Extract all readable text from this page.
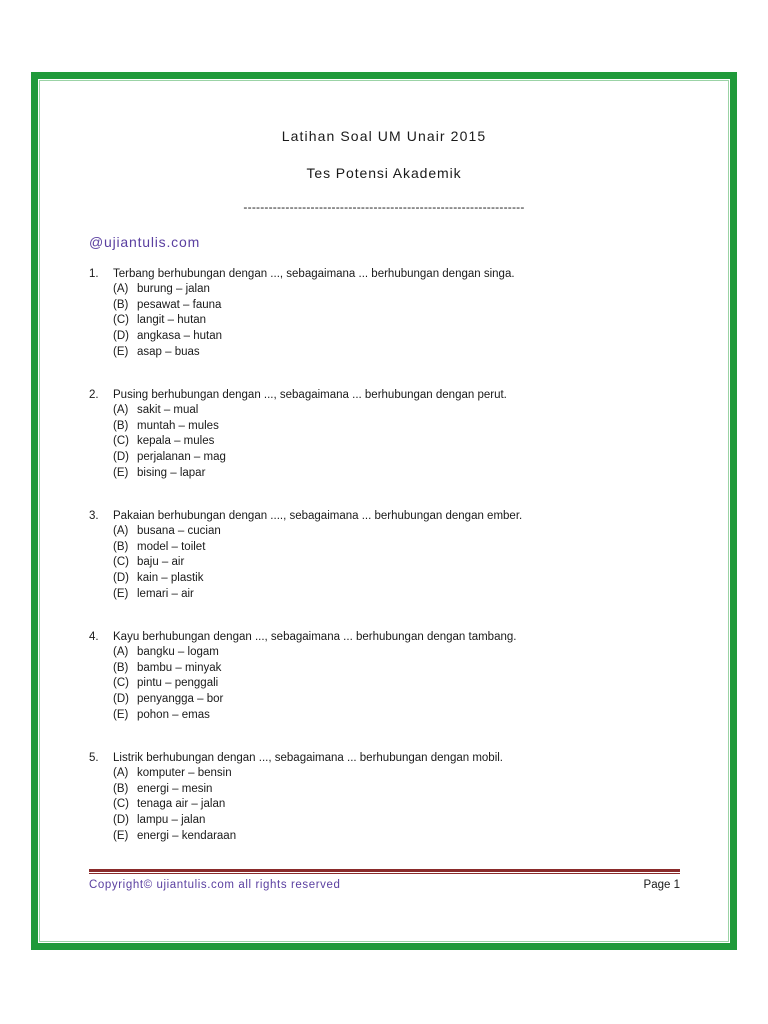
Latihan Soal UM Unair 2015
Tes Potensi Akademik
-------------------------------------------------------------------
@ujiantulis.com
1.	Terbang berhubungan dengan ..., sebagaimana ... berhubungan dengan singa.
(A) burung – jalan
(B) pesawat – fauna
(C) langit – hutan
(D) angkasa – hutan
(E) asap – buas
2.	Pusing berhubungan dengan ..., sebagaimana ... berhubungan dengan perut.
(A) sakit – mual
(B) muntah – mules
(C) kepala – mules
(D) perjalanan – mag
(E) bising – lapar
3.	Pakaian berhubungan dengan ...., sebagaimana ... berhubungan dengan ember.
(A) busana – cucian
(B) model – toilet
(C) baju – air
(D) kain – plastik
(E) lemari – air
4.	Kayu berhubungan dengan ..., sebagaimana ... berhubungan dengan tambang.
(A) bangku – logam
(B) bambu – minyak
(C) pintu – penggali
(D) penyangga – bor
(E) pohon – emas
5.	Listrik berhubungan dengan ..., sebagaimana ... berhubungan dengan mobil.
(A) komputer – bensin
(B) energi – mesin
(C) tenaga air – jalan
(D) lampu – jalan
(E) energi – kendaraan
Copyright© ujiantulis.com all rights reserved	Page 1
